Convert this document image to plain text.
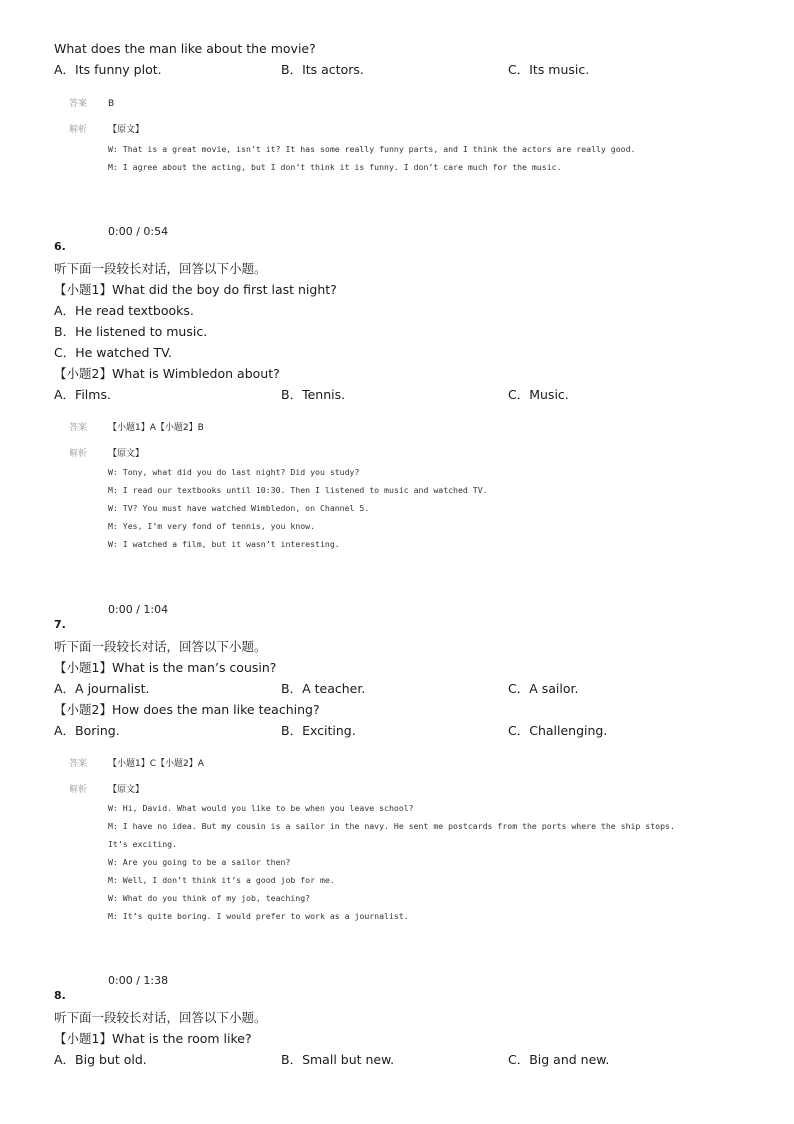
What does the man like about the movie?
A．Its funny plot.	B．Its actors.	C．Its music.
答案 B
解析 【原文】
W: That is a great movie, isn’t it? It has some really funny parts, and I think the actors are really good.
M: I agree about the acting, but I don’t think it is funny. I don’t care much for the music.
0:00 / 0:54
6.
听下面一段较长对话，回答以下小题。
【小题1】What did the boy do first last night?
A．He read textbooks.
B．He listened to music.
C．He watched TV.
【小题2】What is Wimbledon about?
A．Films.	B．Tennis.	C．Music.
答案 【小题1】A【小题2】B
解析 【原文】
W: Tony, what did you do last night? Did you study?
M: I read our textbooks until 10:30. Then I listened to music and watched TV.
W: TV? You must have watched Wimbledon, on Channel 5.
M: Yes, I’m very fond of tennis, you know.
W: I watched a film, but it wasn’t interesting.
0:00 / 1:04
7.
听下面一段较长对话，回答以下小题。
【小题1】What is the man’s cousin?
A．A journalist.	B．A teacher.	C．A sailor.
【小题2】How does the man like teaching?
A．Boring.	B．Exciting.	C．Challenging.
答案 【小题1】C【小题2】A
解析 【原文】
W: Hi, David. What would you like to be when you leave school?
M: I have no idea. But my cousin is a sailor in the navy. He sent me postcards from the ports where the ship stops.
It’s exciting.
W: Are you going to be a sailor then?
M: Well, I don’t think it’s a good job for me.
W: What do you think of my job, teaching?
M: It’s quite boring. I would prefer to work as a journalist.
0:00 / 1:38
8.
听下面一段较长对话，回答以下小题。
【小题1】What is the room like?
A．Big but old.	B．Small but new.	C．Big and new.
